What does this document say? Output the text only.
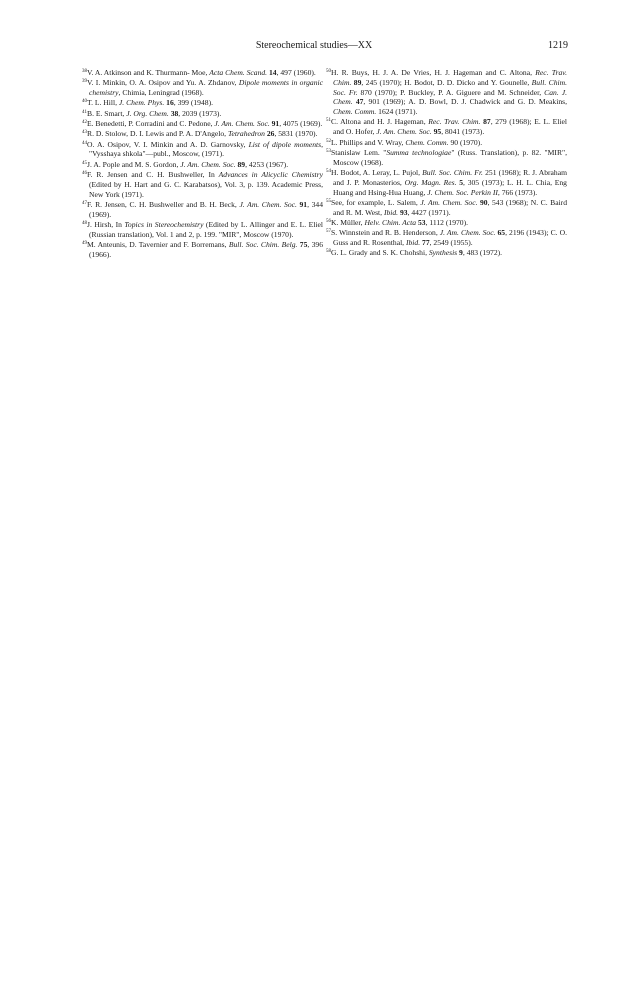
Stereochemical studies—XX	1219

$^{38}$V. A. Atkinson and K. Thurmann- Moe, Acta Chem. Scand. 14, 497 (1960).

$^{39}$V. I. Minkin, O. A. Osipov and Yu. A. Zhdanov, Dipole moments in organic chemistry, Chimia, Leningrad (1968).

$^{40}$T. L. Hill, J. Chem. Phys. 16, 399 (1948).

$^{41}$B. E. Smart, J. Org. Chem. 38, 2039 (1973).

$^{42}$E. Benedetti, P. Corradini and C. Pedone, J. Am. Chem. Soc. 91, 4075 (1969).

$^{43}$R. D. Stolow, D. I. Lewis and P. A. D'Angelo, Tetrahedron 26, 5831 (1970).

$^{44}$O. A. Osipov, V. I. Minkin and A. D. Garnovsky, List of dipole moments, "Vysshaya shkola"—publ., Moscow, (1971).

$^{45}$J. A. Pople and M. S. Gordon, J. Am. Chem. Soc. 89, 4253 (1967).

$^{46}$F. R. Jensen and C. H. Bushweller, In Advances in Alicyclic Chemistry (Edited by H. Hart and G. C. Karabatsos), Vol. 3, p. 139. Academic Press, New York (1971).

$^{47}$F. R. Jensen, C. H. Bushweller and B. H. Beck, J. Am. Chem. Soc. 91, 344 (1969).

$^{48}$J. Hirsh, In Topics in Stereochemistry (Edited by L. Allinger and E. L. Eliel (Russian translation), Vol. 1 and 2, p. 199. "MIR", Moscow (1970).

$^{49}$M. Anteunis, D. Tavernier and F. Borremans, Bull. Soc. Chim. Belg. 75, 396 (1966).

$^{50}$H. R. Buys, H. J. A. De Vries, H. J. Hageman and C. Altona, Rec. Trav. Chim. 89, 245 (1970); H. Bodot, D. D. Dicko and Y. Gounelle, Bull. Chim. Soc. Fr. 870 (1970); P. Buckley, P. A. Giguere and M. Schneider, Can. J. Chem. 47, 901 (1969); A. D. Bowl, D. J. Chadwick and G. D. Meakins, Chem. Comm. 1624 (1971).

$^{51}$C. Altona and H. J. Hageman, Rec. Trav. Chim. 87, 279 (1968); E. L. Eliel and O. Hofer, J. Am. Chem. Soc. 95, 8041 (1973).

$^{52}$L. Phillips and V. Wray, Chem. Comm. 90 (1970).

$^{53}$Stanislaw Lem. "Summa technologiae" (Russ. Translation), p. 82. "MIR", Moscow (1968).

$^{54}$H. Bodot, A. Leray, L. Pujol, Bull. Soc. Chim. Fr. 251 (1968); R. J. Abraham and J. P. Monasterios, Org. Magn. Res. 5, 305 (1973); L. H. L. Chia, Eng Huang and Hsing-Hua Huang, J. Chem. Soc. Perkin II, 766 (1973).

$^{55}$See, for example, L. Salem, J. Am. Chem. Soc. 90, 543 (1968); N. C. Baird and R. M. West, Ibid. 93, 4427 (1971).

$^{56}$K. Müller, Helv. Chim. Acta 53, 1112 (1970).

$^{57}$S. Winnstein and R. B. Henderson, J. Am. Chem. Soc. 65, 2196 (1943); C. O. Guss and R. Rosenthal, Ibid. 77, 2549 (1955).

$^{58}$G. L. Grady and S. K. Chohshi, Synthesis 9, 483 (1972).
